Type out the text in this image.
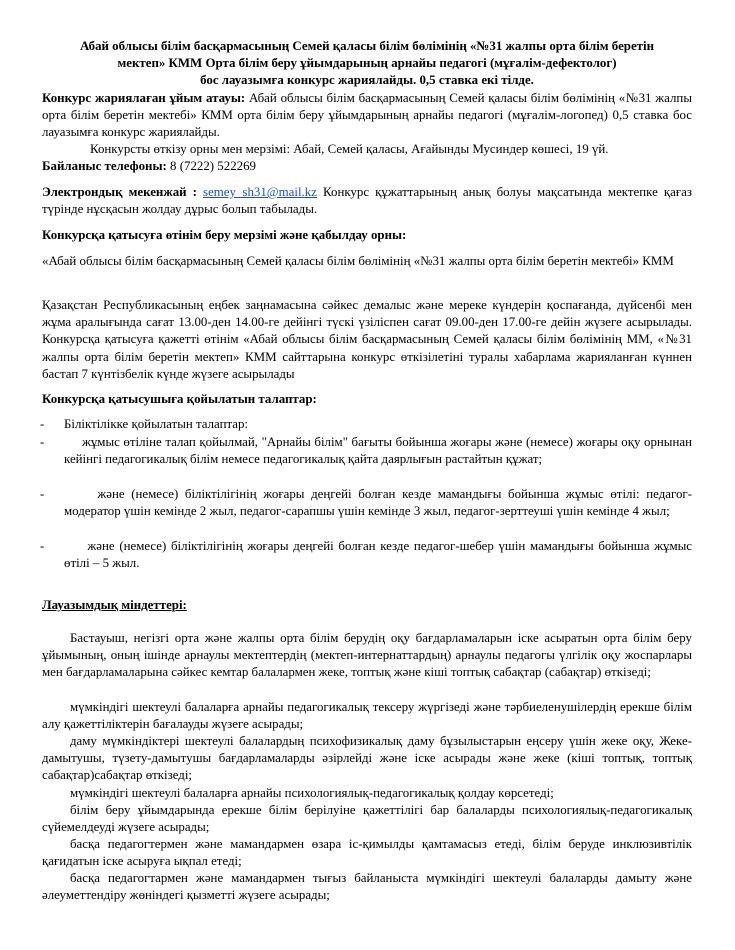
Абай облысы білім басқармасының Семей қаласы білім бөлімінің «№31 жалпы орта білім беретін
мектеп» КММ Орта білім беру ұйымдарының арнайы педагогі (мұғалім-дефектолог)
бос лауазымға конкурс жариялайды. 0,5 ставка екі тілде.

Конкурс жариялаған ұйым атауы: Абай облысы білім басқармасының Семей қаласы білім бөлімінің «№31 жалпы орта білім беретін мектебі» КММ орта білім беру ұйымдарының арнайы педагогі (мұғалім-логопед) 0,5 ставка бос лауазымға конкурс жариялайды.

Конкурсты өткізу орны мен мерзімі: Абай, Семей қаласы, Ағайынды Мусиндер көшесі, 19 үй.

Байланыс телефоны: 8 (7222) 522269

Электрондық мекенжай : semey_sh31@mail.kz Конкурс құжаттарының анық болуы мақсатында мектепке қағаз түрінде нұсқасын жолдау дұрыс болып табылады.

Конкурсқа қатысуға өтінім беру мерзімі және қабылдау орны:

«Абай облысы білім басқармасының Семей қаласы білім бөлімінің «№31 жалпы орта білім беретін мектебі» КММ

Қазақстан Республикасының еңбек заңнамасына сәйкес демалыс және мереке күндерін қоспағанда, дүйсенбі мен жұма аралығында сағат 13.00-ден 14.00-ге дейінгі түскі үзіліспен сағат 09.00-ден 17.00-ге дейін жүзеге асырылады. Конкурсқа қатысуға қажетті өтінім «Абай облысы білім басқармасының Семей қаласы білім бөлімінің ММ, «№31 жалпы орта білім беретін мектеп» КММ сайттарына конкурс өткізілетіні туралы хабарлама жарияланған күннен бастап 7 күнтізбелік күнде жүзеге асырылады

Конкурсқа қатысушыға қойылатын талаптар:

- Біліктілікке қойылатын талаптар:
- жұмыс өтіліне талап қойылмай, "Арнайы білім" бағыты бойынша жоғары және (немесе) жоғары оқу орнынан кейінгі педагогикалық білім немесе педагогикалық қайта даярлығын растайтын құжат;
- және (немесе) біліктілігінің жоғары деңгейі болған кезде мамандығы бойынша жұмыс өтілі: педагог-модератор үшін кемінде 2 жыл, педагог-сарапшы үшін кемінде 3 жыл, педагог-зерттеуші үшін кемінде 4 жыл;
- және (немесе) біліктілігінің жоғары деңгейі болған кезде педагог-шебер үшін мамандығы бойынша жұмыс өтілі – 5 жыл.

Лауазымдық міндеттері:

Бастауыш, негізгі орта және жалпы орта білім берудің оқу бағдарламаларын іске асыратын орта білім беру ұйымының, оның ішінде арнаулы мектептердің (мектеп-интернаттардың) арнаулы педагогы үлгілік оқу жоспарлары мен бағдарламаларына сәйкес кемтар балалармен жеке, топтық және кіші топтық сабақтар (сабақтар) өткізеді;

мүмкіндігі шектеулі балаларға арнайы педагогикалық тексеру жүргізеді және тәрбиеленушілердің ерекше білім алу қажеттіліктерін бағалауды жүзеге асырады;

даму мүмкіндіктері шектеулі балалардың психофизикалық даму бұзылыстарын еңсеру үшін жеке оқу, Жеке-дамытушы, түзету-дамытушы бағдарламаларды әзірлейді және іске асырады және жеке (кіші топтық, топтық сабақтар)сабақтар өткізеді;

мүмкіндігі шектеулі балаларға арнайы психологиялық-педагогикалық қолдау көрсетеді;

білім беру ұйымдарында ерекше білім берілуіне қажеттілігі бар балаларды психологиялық-педагогикалық сүйемелдеуді жүзеге асырады;

басқа педагогтермен және мамандармен өзара іс-қимылды қамтамасыз етеді, білім беруде инклюзивтілік қағидатын іске асыруға ықпал етеді;

басқа педагогтармен және мамандармен тығыз байланыста мүмкіндігі шектеулі балаларды дамыту және әлеуметтендіру жөніндегі қызметті жүзеге асырады;
